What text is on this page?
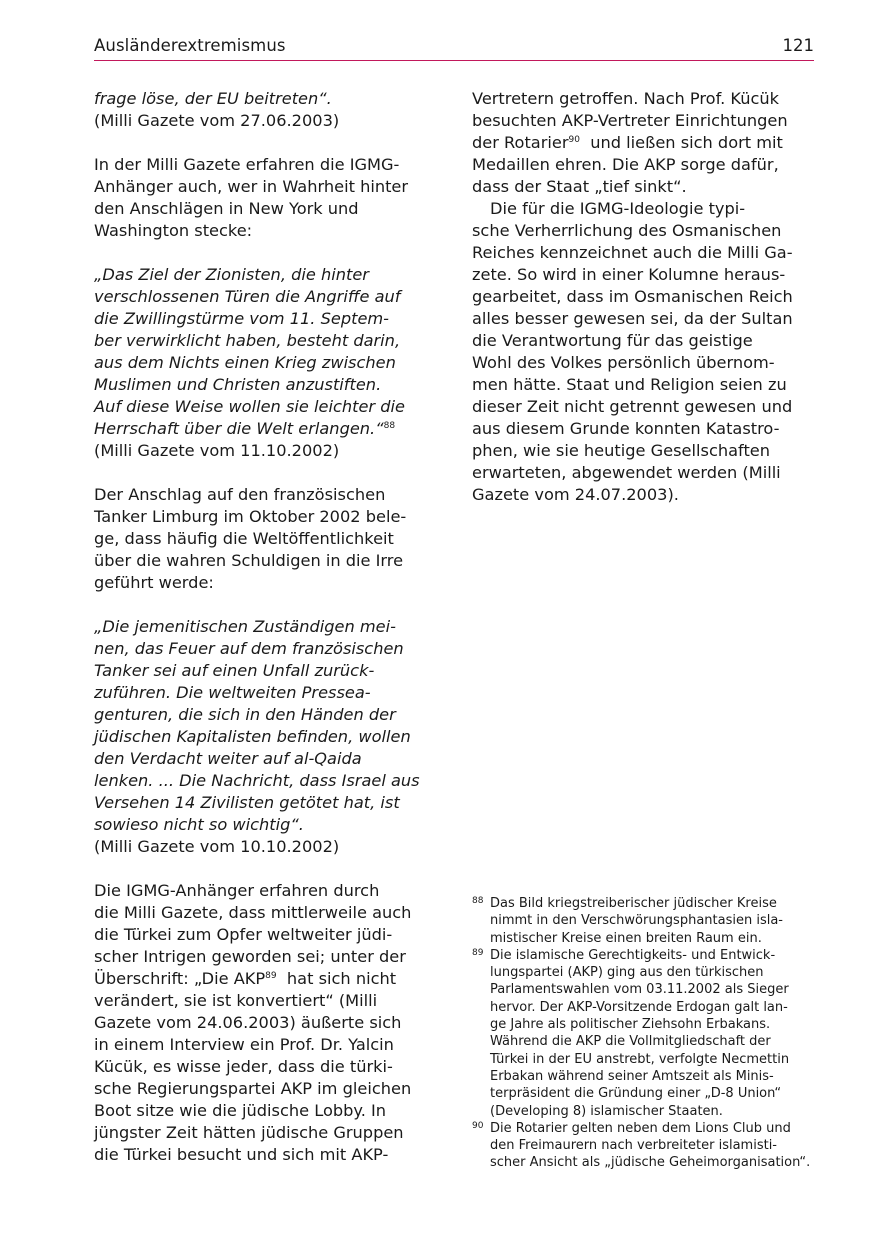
Ausländerextremismus	121

frage löse, der EU beitreten“.

(Milli Gazete vom 27.06.2003)

In der Milli Gazete erfahren die IGMG-

Anhänger auch, wer in Wahrheit hinter

den Anschlägen in New York und

Washington stecke:

„Das Ziel der Zionisten, die hinter

verschlossenen Türen die Angriffe auf

die Zwillingstürme vom 11. Septem-

ber verwirklicht haben, besteht darin,

aus dem Nichts einen Krieg zwischen

Muslimen und Christen anzustiften.

Auf diese Weise wollen sie leichter die

Herrschaft über die Welt erlangen.“$^{88}$

(Milli Gazete vom 11.10.2002)

Der Anschlag auf den französischen

Tanker Limburg im Oktober 2002 bele-

ge, dass häufig die Weltöffentlichkeit

über die wahren Schuldigen in die Irre

geführt werde:

„Die jemenitischen Zuständigen mei-

nen, das Feuer auf dem französischen

Tanker sei auf einen Unfall zurück-

zuführen. Die weltweiten Pressea-

genturen, die sich in den Händen der

jüdischen Kapitalisten befinden, wollen

den Verdacht weiter auf al-Qaida

lenken. ... Die Nachricht, dass Israel aus

Versehen 14 Zivilisten getötet hat, ist

sowieso nicht so wichtig“.

(Milli Gazete vom 10.10.2002)

Die IGMG-Anhänger erfahren durch

die Milli Gazete, dass mittlerweile auch

die Türkei zum Opfer weltweiter jüdi-

scher Intrigen geworden sei; unter der

Überschrift: „Die AKP$^{89}$  hat sich nicht

verändert, sie ist konvertiert“ (Milli

Gazete vom 24.06.2003) äußerte sich

in einem Interview ein Prof. Dr. Yalcin

Kücük, es wisse jeder, dass die türki-

sche Regierungspartei AKP im gleichen

Boot sitze wie die jüdische Lobby. In

jüngster Zeit hätten jüdische Gruppen

die Türkei besucht und sich mit AKP-

Vertretern getroffen. Nach Prof. Kücük

besuchten AKP-Vertreter Einrichtungen

der Rotarier$^{90}$  und ließen sich dort mit

Medaillen ehren. Die AKP sorge dafür,

dass der Staat „tief sinkt“.

Die für die IGMG-Ideologie typi-

sche Verherrlichung des Osmanischen

Reiches kennzeichnet auch die Milli Ga-

zete. So wird in einer Kolumne heraus-

gearbeitet, dass im Osmanischen Reich

alles besser gewesen sei, da der Sultan

die Verantwortung für das geistige

Wohl des Volkes persönlich übernom-

men hätte. Staat und Religion seien zu

dieser Zeit nicht getrennt gewesen und

aus diesem Grunde konnten Katastro-

phen, wie sie heutige Gesellschaften

erwarteten, abgewendet werden (Milli

Gazete vom 24.07.2003).

88 Das Bild kriegstreiberischer jüdischer Kreise
nimmt in den Verschwörungsphantasien isla-
mistischer Kreise einen breiten Raum ein.
89 Die islamische Gerechtigkeits- und Entwick-
lungspartei (AKP) ging aus den türkischen
Parlamentswahlen vom 03.11.2002 als Sieger
hervor. Der AKP-Vorsitzende Erdogan galt lan-
ge Jahre als politischer Ziehsohn Erbakans.
Während die AKP die Vollmitgliedschaft der
Türkei in der EU anstrebt, verfolgte Necmettin
Erbakan während seiner Amtszeit als Minis-
terpräsident die Gründung einer „D-8 Union“
(Developing 8) islamischer Staaten.
90 Die Rotarier gelten neben dem Lions Club und
den Freimaurern nach verbreiteter islamisti-
scher Ansicht als „jüdische Geheimorganisation“.
